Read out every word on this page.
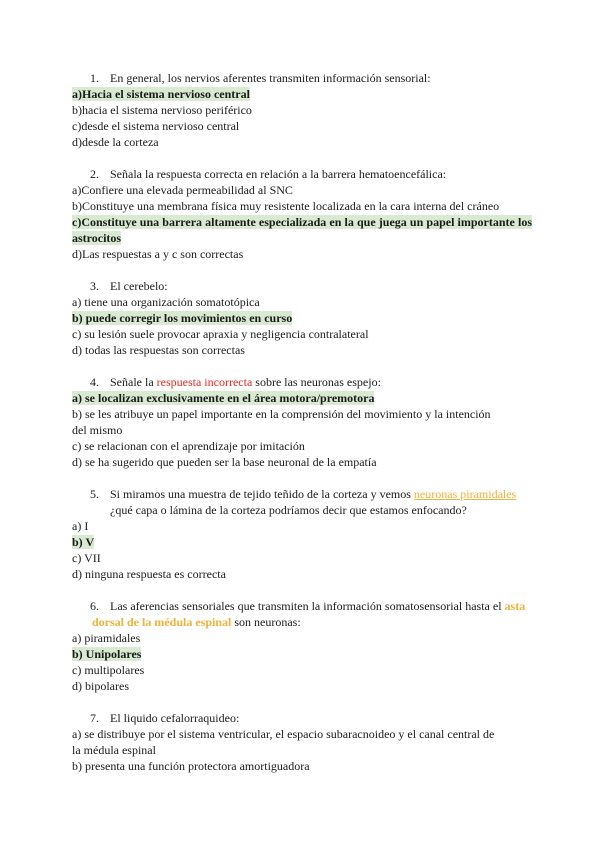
1. En general, los nervios aferentes transmiten información sensorial:
a)Hacia el sistema nervioso central
b)hacia el sistema nervioso periférico
c)desde el sistema nervioso central
d)desde la corteza
2. Señala la respuesta correcta en relación a la barrera hematoencefálica:
a)Confiere una elevada permeabilidad al SNC
b)Constituye una membrana física muy resistente localizada en la cara interna del cráneo
c)Constituye una barrera altamente especializada en la que juega un papel importante los astrocitos
d)Las respuestas a y c son correctas
3. El cerebelo:
a) tiene una organización somatotópica
b) puede corregir los movimientos en curso
c) su lesión suele provocar apraxia y negligencia contralateral
d) todas las respuestas son correctas
4. Señale la respuesta incorrecta sobre las neuronas espejo:
a) se localizan exclusivamente en el área motora/premotora
b) se les atribuye un papel importante en la comprensión del movimiento y la intención del mismo
c) se relacionan con el aprendizaje por imitación
d) se ha sugerido que pueden ser la base neuronal de la empatía
5. Si miramos una muestra de tejido teñido de la corteza y vemos neuronas piramidales
¿qué capa o lámina de la corteza podríamos decir que estamos enfocando?
a) I
b) V
c) VII
d) ninguna respuesta es correcta
6. Las aferencias sensoriales que transmiten la información somatosensorial hasta el asta dorsal de la médula espinal son neuronas:
a) piramidales
b) Unipolares
c) multipolares
d) bipolares
7. El liquido cefalorraquideo:
a) se distribuye por el sistema ventricular, el espacio subaracnoideo y el canal central de la médula espinal
b) presenta una función protectora amortiguadora
